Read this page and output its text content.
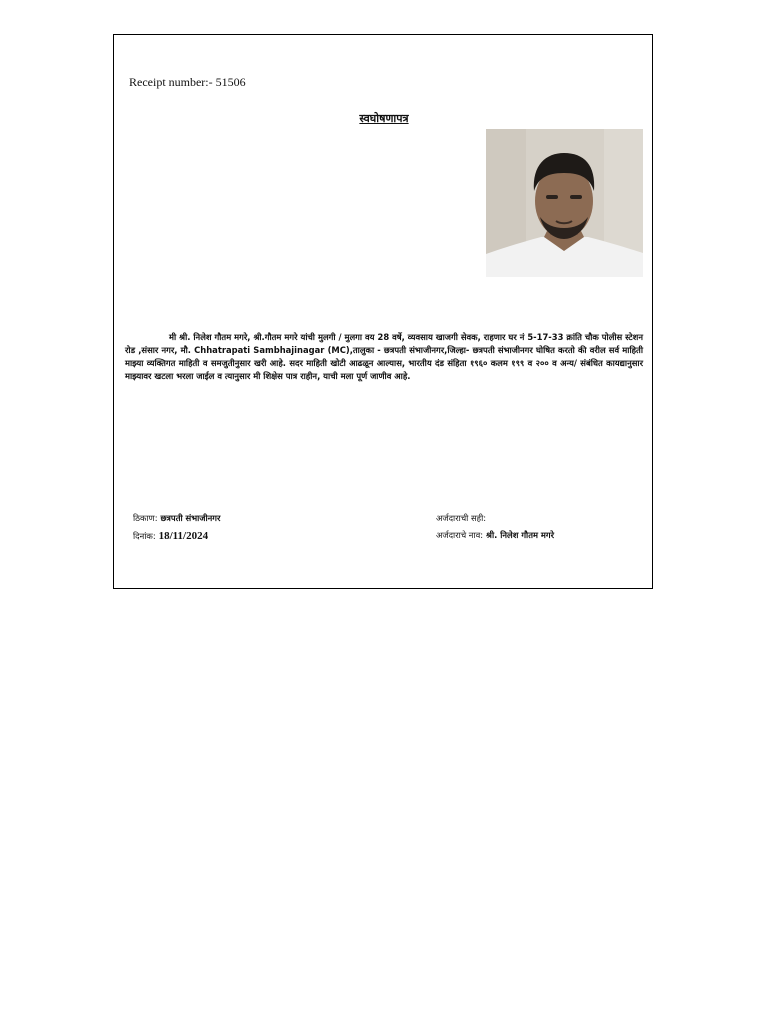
Receipt number:- 51506
स्वघोषणापत्र
मी श्री. निलेश गौतम मगरे, श्री.गौतम मगरे यांची मुलगी / मुलगा वय 28 वर्षे, व्यवसाय खाजगी सेवक, राहणार घर नं 5-17-33 क्रांति चौक पोलीस स्टेशन रोड ,संसार नगर, मौ. Chhatrapati Sambhajinagar (MC),तालुका - छत्रपती संभाजीनगर,जिल्हा- छत्रपती संभाजीनगर घोषित करतो की वरील सर्व माहिती माझ्या व्यक्तिगत माहिती व समजुतीनुसार खरी आहे. सदर माहिती खोटी आढळून आल्यास, भारतीय दंड संहिता १९६० कलम १९९ व २०० व अन्य/ संबंधित कायद्यानुसार माझ्यावर खटला भरला जाईल व त्यानुसार मी शिक्षेस पात्र राहीन, याची मला पूर्ण जाणीव आहे.
ठिकाण: छत्रपती संभाजीनगर
दिनांक: 18/11/2024
अर्जदाराची सही:
अर्जदाराचे नाव: श्री. निलेश गौतम मगरे
